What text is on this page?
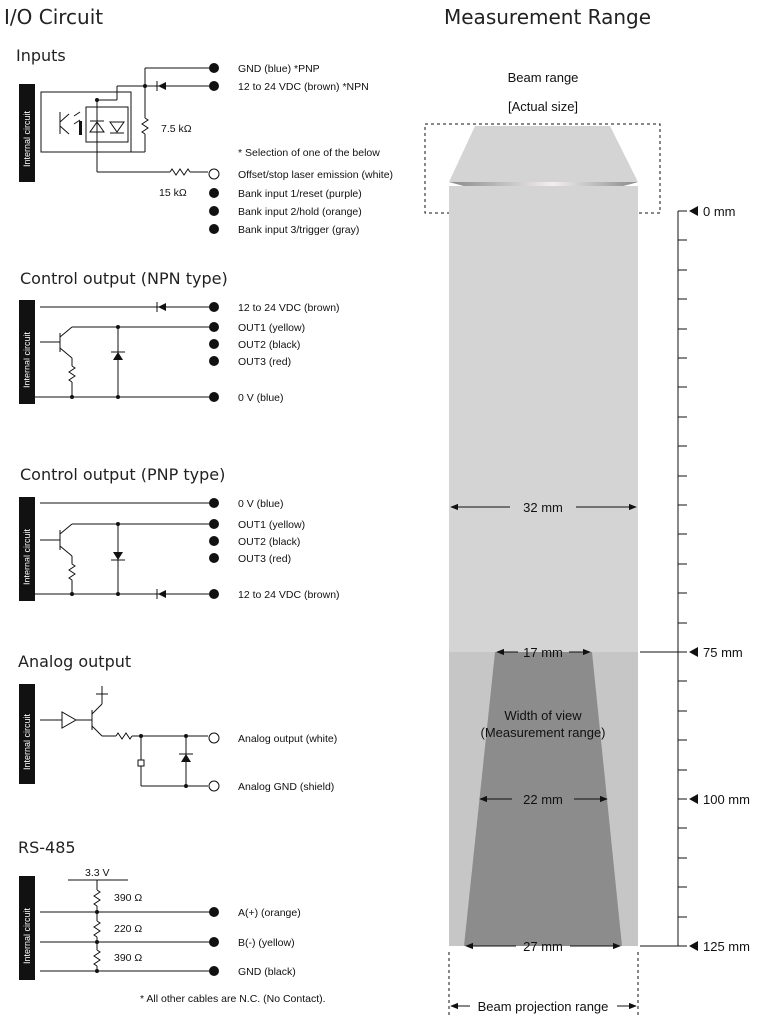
I/O Circuit	Measurement Range
Inputs
Internal circuit	7.5 kΩ
15 kΩ
GND (blue) *PNP
12 to 24 VDC (brown) *NPN
* Selection of one of the below
Offset/stop laser emission (white)
Bank input 1/reset (purple)
Bank input 2/hold (orange)
Bank input 3/trigger (gray)
Control output (NPN type)
Internal circuit
12 to 24 VDC (brown)
OUT1 (yellow)
OUT2 (black)
OUT3 (red)
0 V (blue)
Control output (PNP type)
Internal circuit
0 V (blue)
OUT1 (yellow)
OUT2 (black)
OUT3 (red)
12 to 24 VDC (brown)
Analog output
Internal circuit	Analog output (white)
Analog GND (shield)
RS-485
Internal circuit
3.3 V
390 Ω
220 Ω
390 Ω
A(+) (orange)
B(-) (yellow)
GND (black)
* All other cables are N.C. (No Contact).
Beam range
[Actual size]
32 mm
17 mm
Width of view
(Measurement range)
22 mm
27 mm
Beam projection range
0 mm
75 mm
100 mm
125 mm
